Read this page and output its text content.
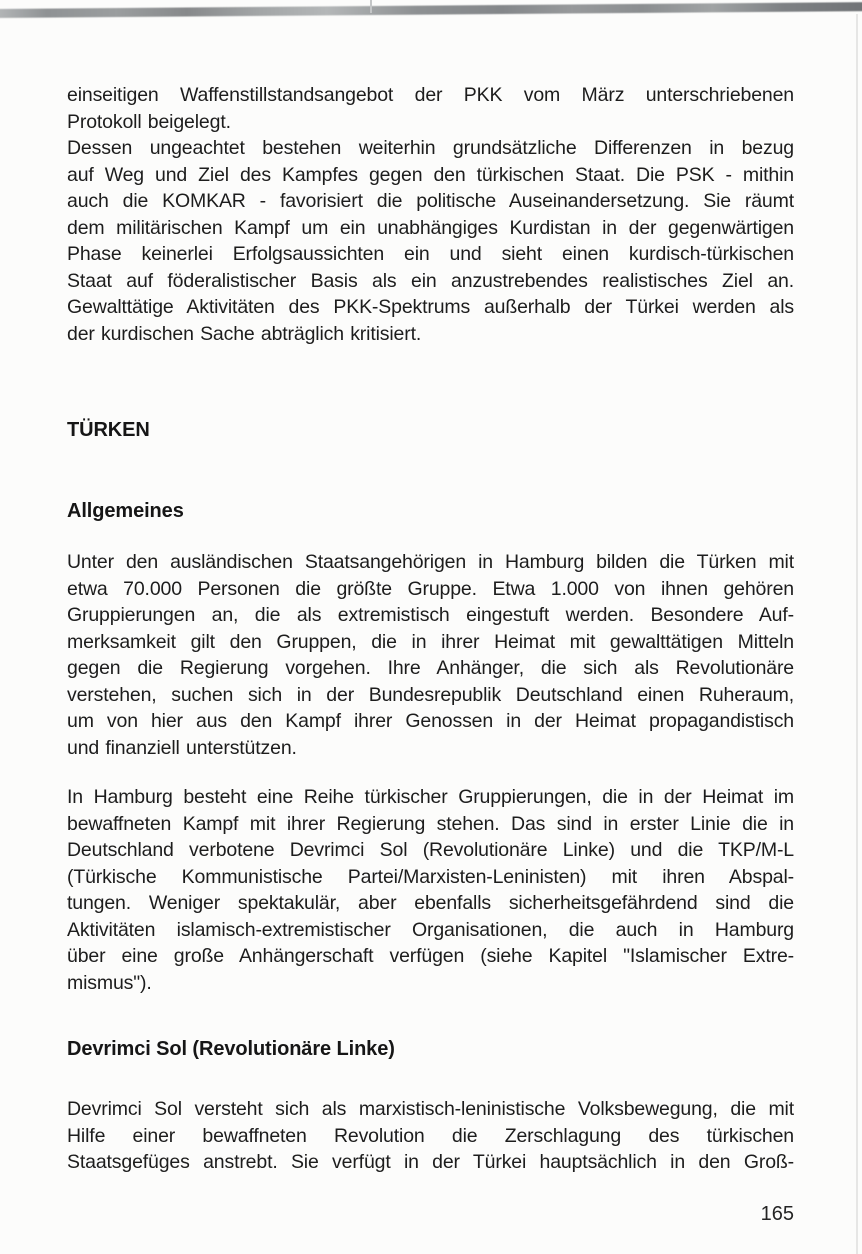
einseitigen Waffenstillstandsangebot der PKK vom März unterschriebenen
Protokoll beigelegt.
Dessen ungeachtet bestehen weiterhin grundsätzliche Differenzen in bezug
auf Weg und Ziel des Kampfes gegen den türkischen Staat. Die PSK - mithin
auch die KOMKAR - favorisiert die politische Auseinandersetzung. Sie räumt
dem militärischen Kampf um ein unabhängiges Kurdistan in der gegenwärtigen
Phase keinerlei Erfolgsaussichten ein und sieht einen kurdisch-türkischen
Staat auf föderalistischer Basis als ein anzustrebendes realistisches Ziel an.
Gewalttätige Aktivitäten des PKK-Spektrums außerhalb der Türkei werden als
der kurdischen Sache abträglich kritisiert.
TÜRKEN
Allgemeines
Unter den ausländischen Staatsangehörigen in Hamburg bilden die Türken mit
etwa 70.000 Personen die größte Gruppe. Etwa 1.000 von ihnen gehören
Gruppierungen an, die als extremistisch eingestuft werden. Besondere Auf-
merksamkeit gilt den Gruppen, die in ihrer Heimat mit gewalttätigen Mitteln
gegen die Regierung vorgehen. Ihre Anhänger, die sich als Revolutionäre
verstehen, suchen sich in der Bundesrepublik Deutschland einen Ruheraum,
um von hier aus den Kampf ihrer Genossen in der Heimat propagandistisch
und finanziell unterstützen.
In Hamburg besteht eine Reihe türkischer Gruppierungen, die in der Heimat im
bewaffneten Kampf mit ihrer Regierung stehen. Das sind in erster Linie die in
Deutschland verbotene Devrimci Sol (Revolutionäre Linke) und die TKP/M-L
(Türkische Kommunistische Partei/Marxisten-Leninisten) mit ihren Abspal-
tungen. Weniger spektakulär, aber ebenfalls sicherheitsgefährdend sind die
Aktivitäten islamisch-extremistischer Organisationen, die auch in Hamburg
über eine große Anhängerschaft verfügen (siehe Kapitel "Islamischer Extre-
mismus").
Devrimci Sol (Revolutionäre Linke)
Devrimci Sol versteht sich als marxistisch-leninistische Volksbewegung, die mit
Hilfe einer bewaffneten Revolution die Zerschlagung des türkischen
Staatsgefüges anstrebt. Sie verfügt in der Türkei hauptsächlich in den Groß-
165
